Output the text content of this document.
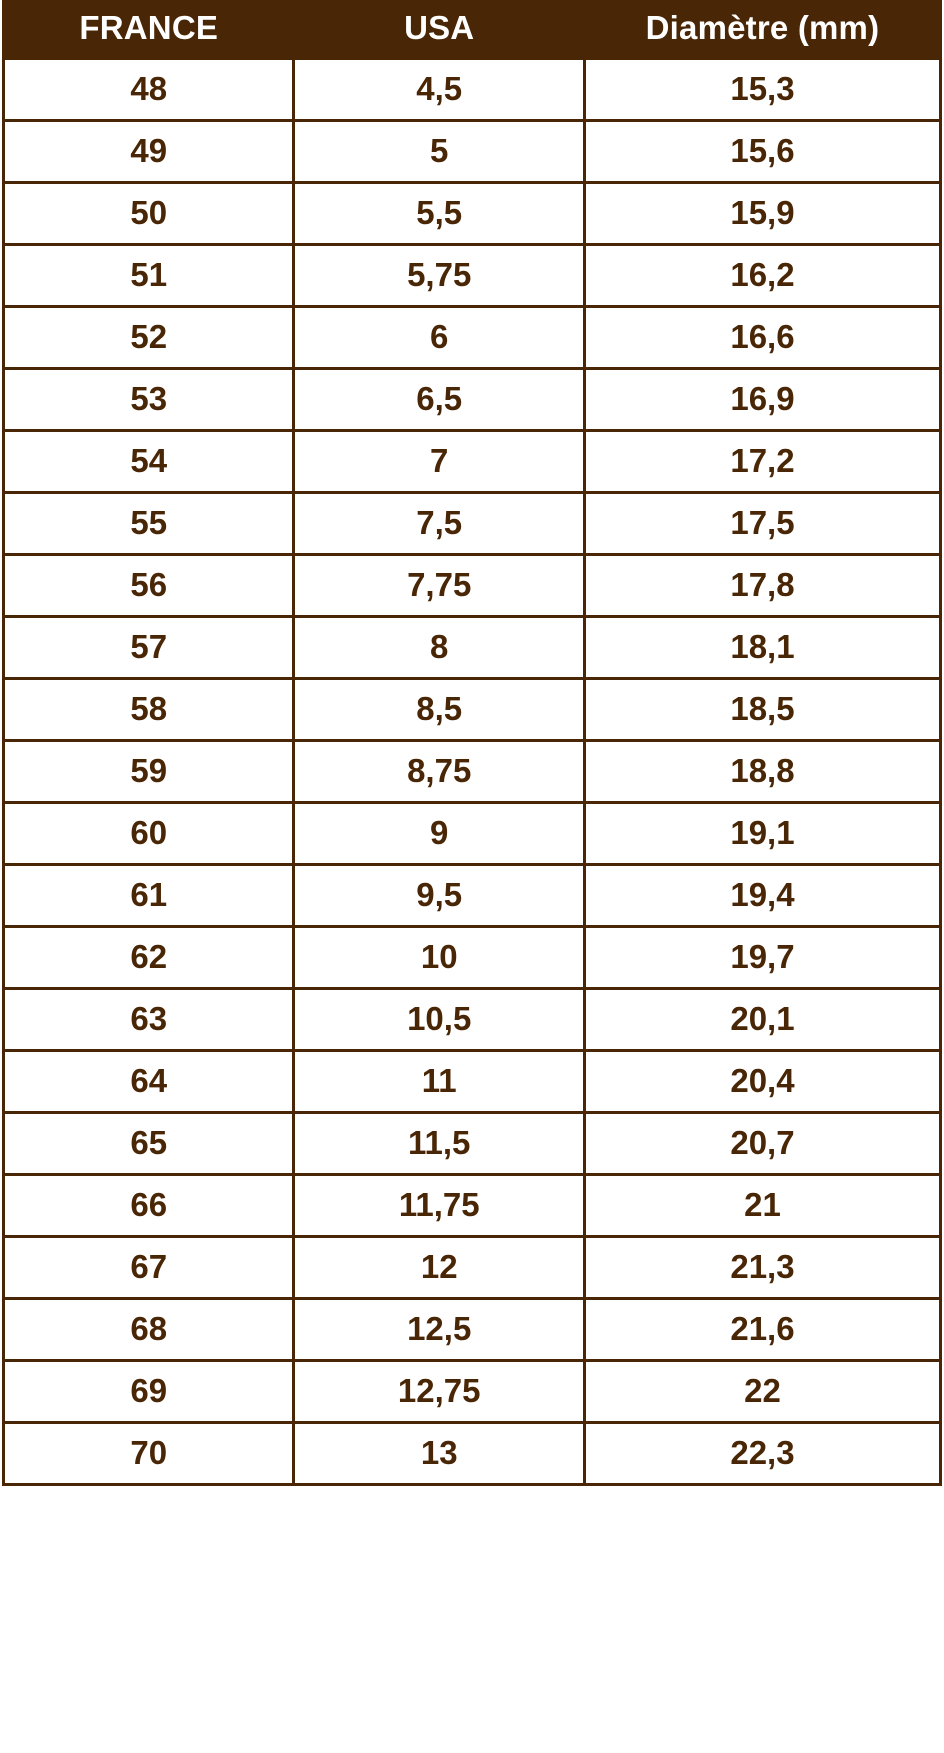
FRANCE	USA	Diamètre (mm)
48	4,5	15,3
49	5	15,6
50	5,5	15,9
51	5,75	16,2
52	6	16,6
53	6,5	16,9
54	7	17,2
55	7,5	17,5
56	7,75	17,8
57	8	18,1
58	8,5	18,5
59	8,75	18,8
60	9	19,1
61	9,5	19,4
62	10	19,7
63	10,5	20,1
64	11	20,4
65	11,5	20,7
66	11,75	21
67	12	21,3
68	12,5	21,6
69	12,75	22
70	13	22,3
